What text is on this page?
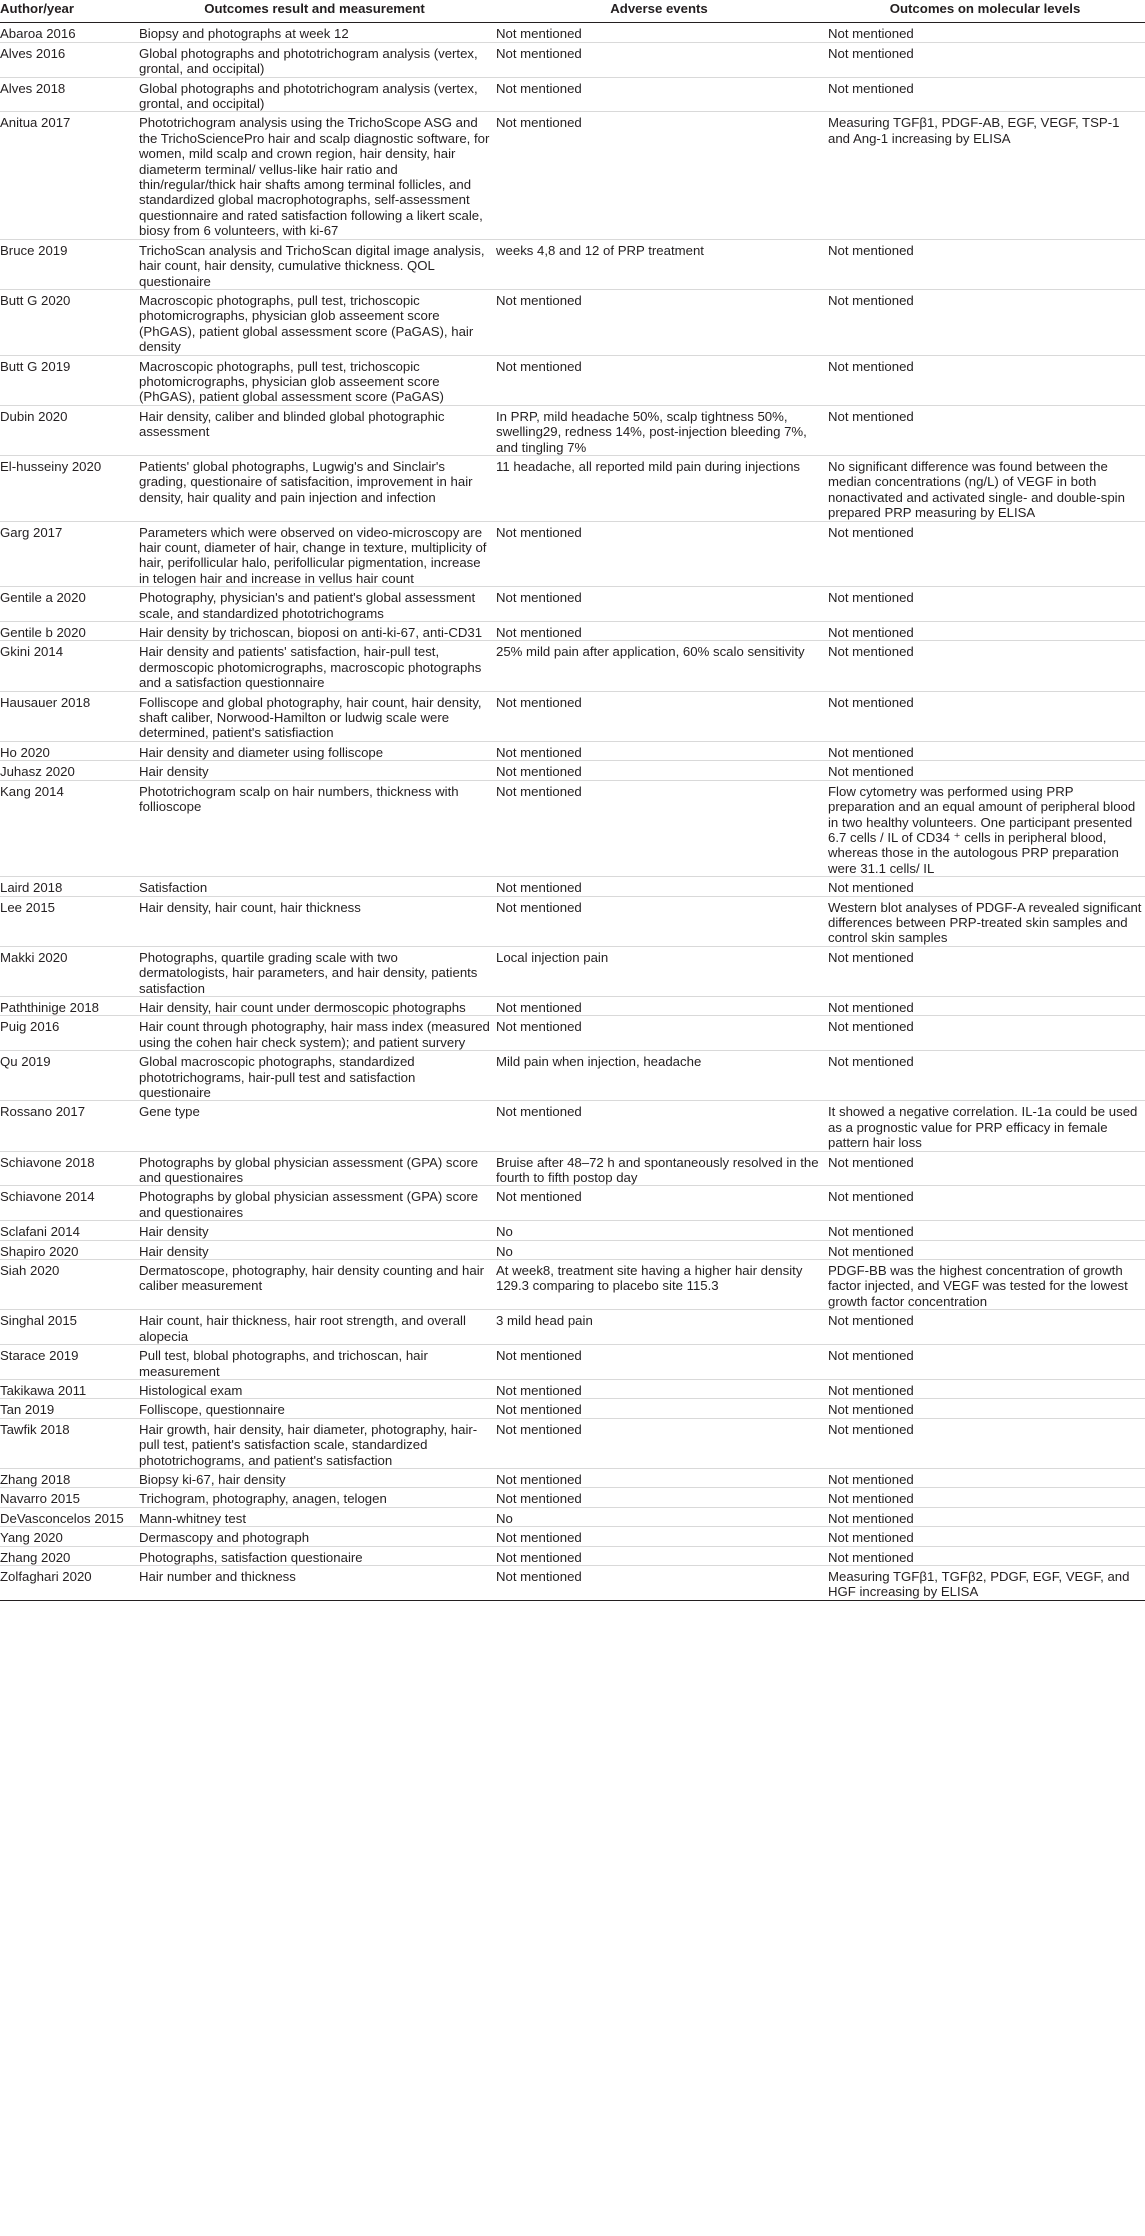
Author/year	Outcomes result and measurement	Adverse events	Outcomes on molecular levels
Abaroa 2016	Biopsy and photographs at week 12	Not mentioned	Not mentioned
Alves 2016	Global photographs and phototrichogram analysis (vertex, grontal, and occipital)	Not mentioned	Not mentioned
Alves 2018	Global photographs and phototrichogram analysis (vertex, grontal, and occipital)	Not mentioned	Not mentioned
Anitua 2017	Phototrichogram analysis using the TrichoScope ASG and the TrichoSciencePro hair and scalp diagnostic software, for women, mild scalp and crown region, hair density, hair diameterm terminal/ vellus-like hair ratio and thin/regular/thick hair shafts among terminal follicles, and standardized global macrophotographs, self-assessment questionnaire and rated satisfaction following a likert scale, biosy from 6 volunteers, with ki-67	Not mentioned	Measuring TGFβ1, PDGF-AB, EGF, VEGF, TSP-1 and Ang-1 increasing by ELISA
Bruce 2019	TrichoScan analysis and TrichoScan digital image analysis, hair count, hair density, cumulative thickness. QOL questionaire	weeks 4,8 and 12 of PRP treatment	Not mentioned
Butt G 2020	Macroscopic photographs, pull test, trichoscopic photomicrographs, physician glob asseement score (PhGAS), patient global assessment score (PaGAS), hair density	Not mentioned	Not mentioned
Butt G 2019	Macroscopic photographs, pull test, trichoscopic photomicrographs, physician glob asseement score (PhGAS), patient global assessment score (PaGAS)	Not mentioned	Not mentioned
Dubin 2020	Hair density, caliber and blinded global photographic assessment	In PRP, mild headache 50%, scalp tightness 50%, swelling29, redness 14%, post-injection bleeding 7%, and tingling 7%	Not mentioned
El-husseiny 2020	Patients' global photographs, Lugwig's and Sinclair's grading, questionaire of satisfacition, improvement in hair density, hair quality and pain injection and infection	11 headache, all reported mild pain during injections	No significant difference was found between the median concentrations (ng/L) of VEGF in both nonactivated and activated single- and double-spin prepared PRP measuring by ELISA
Garg 2017	Parameters which were observed on video-microscopy are hair count, diameter of hair, change in texture, multiplicity of hair, perifollicular halo, perifollicular pigmentation, increase in telogen hair and increase in vellus hair count	Not mentioned	Not mentioned
Gentile a 2020	Photography, physician's and patient's global assessment scale, and standardized phototrichograms	Not mentioned	Not mentioned
Gentile b 2020	Hair density by trichoscan, bioposi on anti-ki-67, anti-CD31	Not mentioned	Not mentioned
Gkini 2014	Hair density and patients' satisfaction, hair-pull test, dermoscopic photomicrographs, macroscopic photographs and a satisfaction questionnaire	25% mild pain after application, 60% scalo sensitivity	Not mentioned
Hausauer 2018	Folliscope and global photography, hair count, hair density, shaft caliber, Norwood-Hamilton or ludwig scale were determined, patient's satisfiaction	Not mentioned	Not mentioned
Ho 2020	Hair density and diameter using folliscope	Not mentioned	Not mentioned
Juhasz 2020	Hair density	Not mentioned	Not mentioned
Kang 2014	Phototrichogram scalp on hair numbers, thickness with follioscope	Not mentioned	Flow cytometry was performed using PRP preparation and an equal amount of peripheral blood in two healthy volunteers. One participant presented 6.7 cells / IL of CD34 ⁺ cells in peripheral blood, whereas those in the autologous PRP preparation were 31.1 cells/ IL
Laird 2018	Satisfaction	Not mentioned	Not mentioned
Lee 2015	Hair density, hair count, hair thickness	Not mentioned	Western blot analyses of PDGF-A revealed significant differences between PRP-treated skin samples and control skin samples
Makki 2020	Photographs, quartile grading scale with two dermatologists, hair parameters, and hair density, patients satisfaction	Local injection pain	Not mentioned
Paththinige 2018	Hair density, hair count under dermoscopic photographs	Not mentioned	Not mentioned
Puig 2016	Hair count through photography, hair mass index (measured using the cohen hair check system); and patient survery	Not mentioned	Not mentioned
Qu 2019	Global macroscopic photographs, standardized phototrichograms, hair-pull test and satisfaction questionaire	Mild pain when injection, headache	Not mentioned
Rossano 2017	Gene type	Not mentioned	It showed a negative correlation. IL-1a could be used as a prognostic value for PRP efficacy in female pattern hair loss
Schiavone 2018	Photographs by global physician assessment (GPA) score and questionaires	Bruise after 48–72 h and spontaneously resolved in the fourth to fifth postop day	Not mentioned
Schiavone 2014	Photographs by global physician assessment (GPA) score and questionaires	Not mentioned	Not mentioned
Sclafani 2014	Hair density	No	Not mentioned
Shapiro 2020	Hair density	No	Not mentioned
Siah 2020	Dermatoscope, photography, hair density counting and hair caliber measurement	At week8, treatment site having a higher hair density 129.3 comparing to placebo site 115.3	PDGF-BB was the highest concentration of growth factor injected, and VEGF was tested for the lowest growth factor concentration
Singhal 2015	Hair count, hair thickness, hair root strength, and overall alopecia	3 mild head pain	Not mentioned
Starace 2019	Pull test, blobal photographs, and trichoscan, hair measurement	Not mentioned	Not mentioned
Takikawa 2011	Histological exam	Not mentioned	Not mentioned
Tan 2019	Folliscope, questionnaire	Not mentioned	Not mentioned
Tawfik 2018	Hair growth, hair density, hair diameter, photography, hair-pull test, patient's satisfaction scale, standardized phototrichograms, and patient's satisfaction	Not mentioned	Not mentioned
Zhang 2018	Biopsy ki-67, hair density	Not mentioned	Not mentioned
Navarro 2015	Trichogram, photography, anagen, telogen	Not mentioned	Not mentioned
DeVasconcelos 2015	Mann-whitney test	No	Not mentioned
Yang 2020	Dermascopy and photograph	Not mentioned	Not mentioned
Zhang 2020	Photographs, satisfaction questionaire	Not mentioned	Not mentioned
Zolfaghari 2020	Hair number and thickness	Not mentioned	Measuring TGFβ1, TGFβ2, PDGF, EGF, VEGF, and HGF increasing by ELISA
